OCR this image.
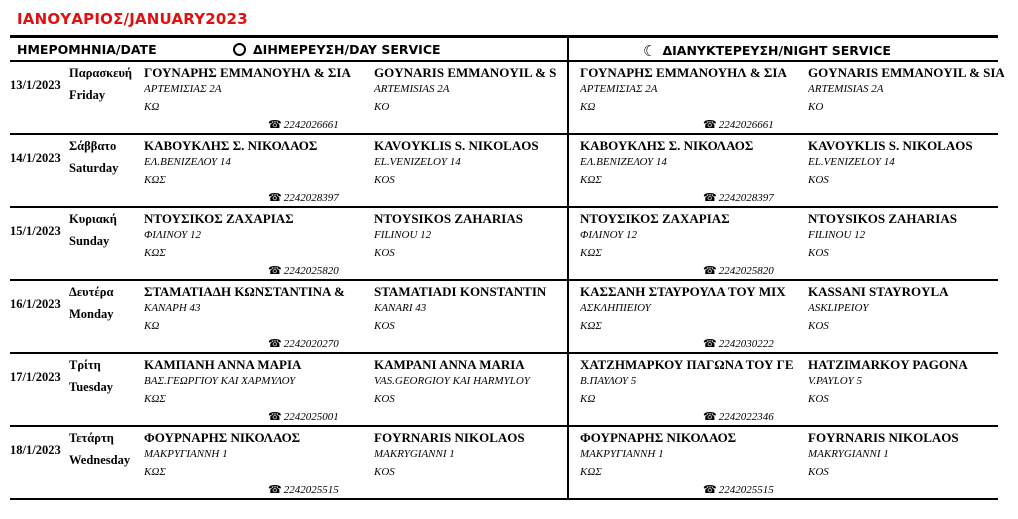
ΙΑΝΟΥΑΡΙΟΣ/JANUARY2023
ΗΜΕΡΟΜΗΝΙΑ/DATE	ΔΙΗΜΕΡΕΥΣΗ/DAY SERVICE	☾ ΔΙΑΝΥΚΤΕΡΕΥΣΗ/NIGHT SERVICE
13/1/2023
Παρασκευή
Friday
ΓΟΥΝΑΡΗΣ ΕΜΜΑΝΟΥΗΛ & ΣΙΑ
ΑΡΤΕΜΙΣΙΑΣ 2Α
ΚΩ
☎ 2242026661
GOYNARIS EMMANOYIL & S
ARTEMISIAS 2A
KO
ΓΟΥΝΑΡΗΣ ΕΜΜΑΝΟΥΗΛ & ΣΙΑ
ΑΡΤΕΜΙΣΙΑΣ 2Α
ΚΩ
☎ 2242026661
GOYNARIS EMMANOYIL & SIA
ARTEMISIAS 2A
KO
14/1/2023
Σάββατο
Saturday
ΚΑΒΟΥΚΛΗΣ Σ. ΝΙΚΟΛΑΟΣ
ΕΛ.ΒΕΝΙΖΕΛΟΥ 14
ΚΩΣ
☎ 2242028397
KAVOYKLIS S. NIKOLAOS
EL.VENIZELOY 14
KOS
ΚΑΒΟΥΚΛΗΣ Σ. ΝΙΚΟΛΑΟΣ
ΕΛ.ΒΕΝΙΖΕΛΟΥ 14
ΚΩΣ
☎ 2242028397
KAVOYKLIS S. NIKOLAOS
EL.VENIZELOY 14
KOS
15/1/2023
Κυριακή
Sunday
ΝΤΟΥΣΙΚΟΣ ΖΑΧΑΡΙΑΣ
ΦΙΛΙΝΟΥ 12
ΚΩΣ
☎ 2242025820
NTOYSIKOS ZAHARIAS
FILINOU 12
KOS
ΝΤΟΥΣΙΚΟΣ ΖΑΧΑΡΙΑΣ
ΦΙΛΙΝΟΥ 12
ΚΩΣ
☎ 2242025820
NTOYSIKOS ZAHARIAS
FILINOU 12
KOS
16/1/2023
Δευτέρα
Monday
ΣΤΑΜΑΤΙΑΔΗ ΚΩΝΣΤΑΝΤΙΝΑ &
ΚΑΝΑΡΗ 43
ΚΩ
☎ 2242020270
STAMATIADI KONSTANTIN
KANARI 43
KOS
ΚΑΣΣΑΝΗ ΣΤΑΥΡΟΥΛΑ ΤΟΥ ΜΙΧ
ΑΣΚΛΗΠΙΕΙΟΥ
ΚΩΣ
☎ 2242030222
KASSANI STAYROYLA
ASKLIPEIOY
KOS
17/1/2023
Τρίτη
Tuesday
ΚΑΜΠΑΝΗ ΑΝΝΑ ΜΑΡΙΑ
ΒΑΣ.ΓΕΩΡΓΙΟΥ ΚΑΙ ΧΑΡΜΥΛΟΥ
ΚΩΣ
☎ 2242025001
KAMPANI ANNA MARIA
VAS.GEORGIOY KAI HARMYLOY
KOS
ΧΑΤΖΗΜΑΡΚΟΥ ΠΑΓΩΝΑ ΤΟΥ ΓΕ
Β.ΠΑΥΛΟΥ 5
ΚΩ
☎ 2242022346
HATZIMARKOY PAGONA
V.PAYLOY 5
KOS
18/1/2023
Τετάρτη
Wednesday
ΦΟΥΡΝΑΡΗΣ ΝΙΚΟΛΑΟΣ
ΜΑΚΡΥΓΙΑΝΝΗ 1
ΚΩΣ
☎ 2242025515
FOYRNARIS NIKOLAOS
MAKRYGIANNI 1
KOS
ΦΟΥΡΝΑΡΗΣ ΝΙΚΟΛΑΟΣ
ΜΑΚΡΥΓΙΑΝΝΗ 1
ΚΩΣ
☎ 2242025515
FOYRNARIS NIKOLAOS
MAKRYGIANNI 1
KOS
